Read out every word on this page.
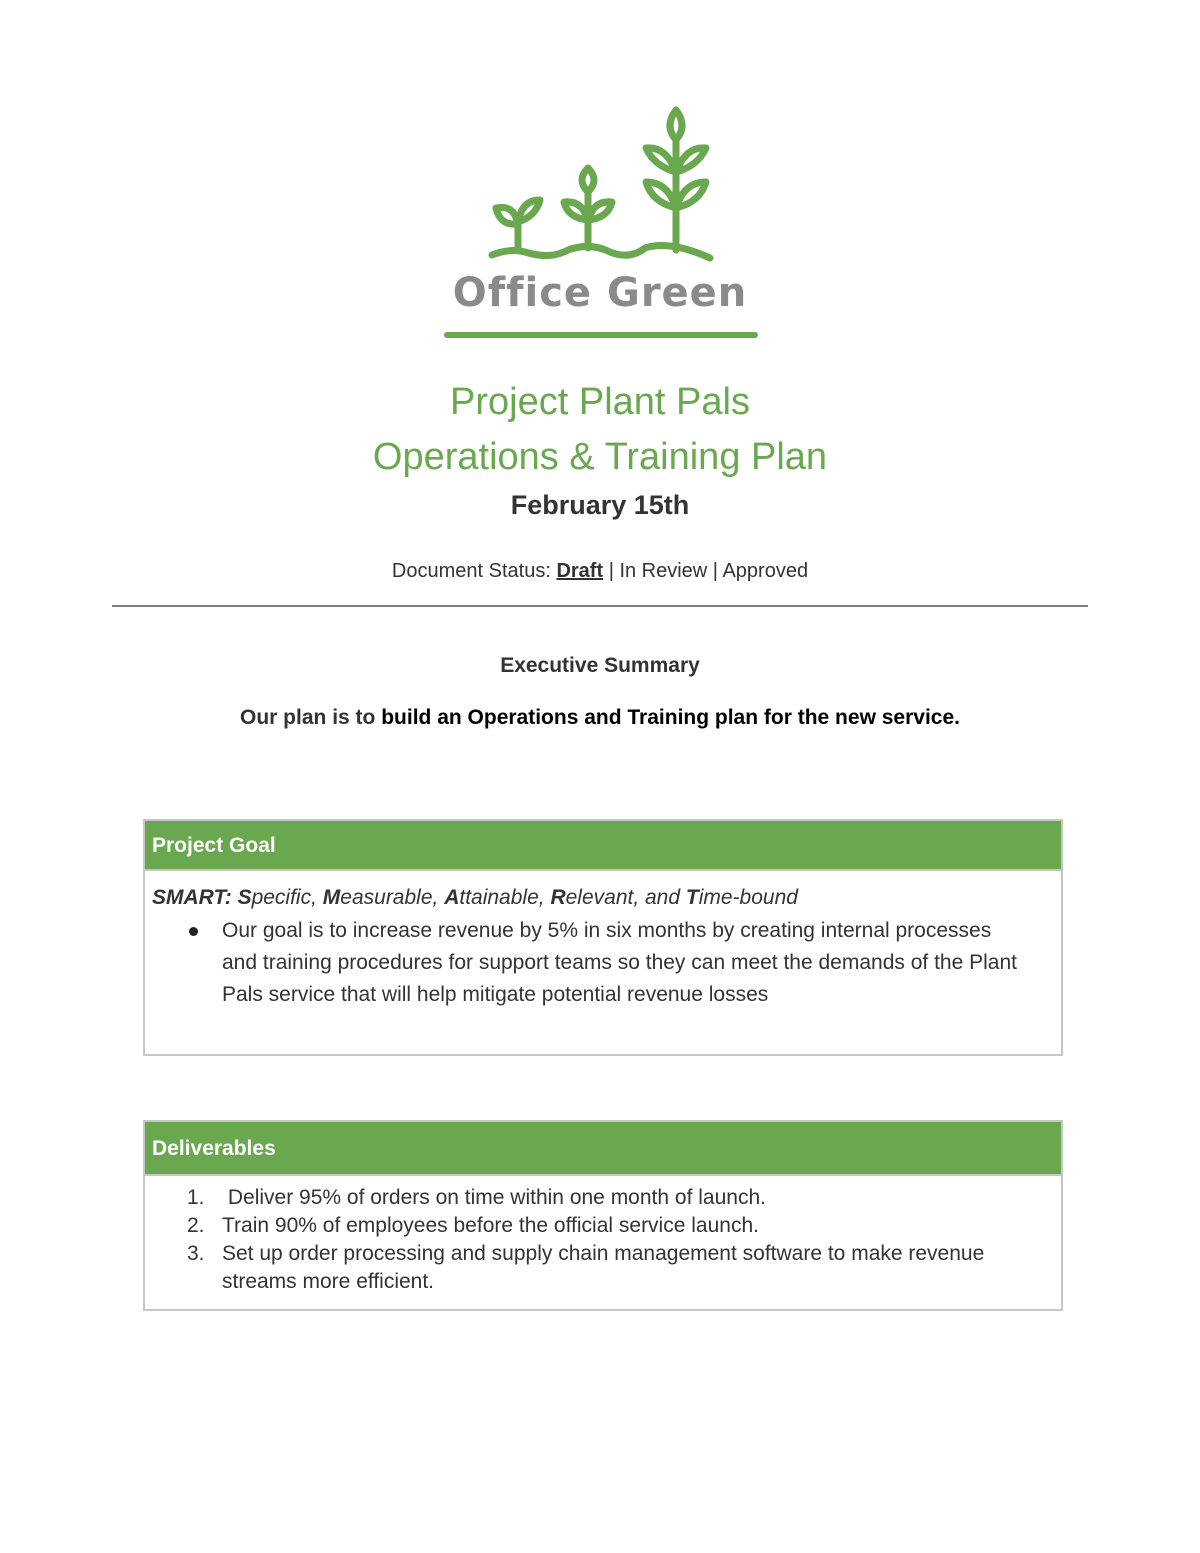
Office Green
Project Plant Pals
Operations & Training Plan
February 15th
Document Status: Draft | In Review | Approved
Executive Summary
Our plan is to build an Operations and Training plan for the new service.
Project Goal
SMART: Specific, Measurable, Attainable, Relevant, and Time-bound
Our goal is to increase revenue by 5% in six months by creating internal processes and training procedures for support teams so they can meet the demands of the Plant Pals service that will help mitigate potential revenue losses
Deliverables
1. Deliver 95% of orders on time within one month of launch.
2. Train 90% of employees before the official service launch.
3. Set up order processing and supply chain management software to make revenue streams more efficient.
